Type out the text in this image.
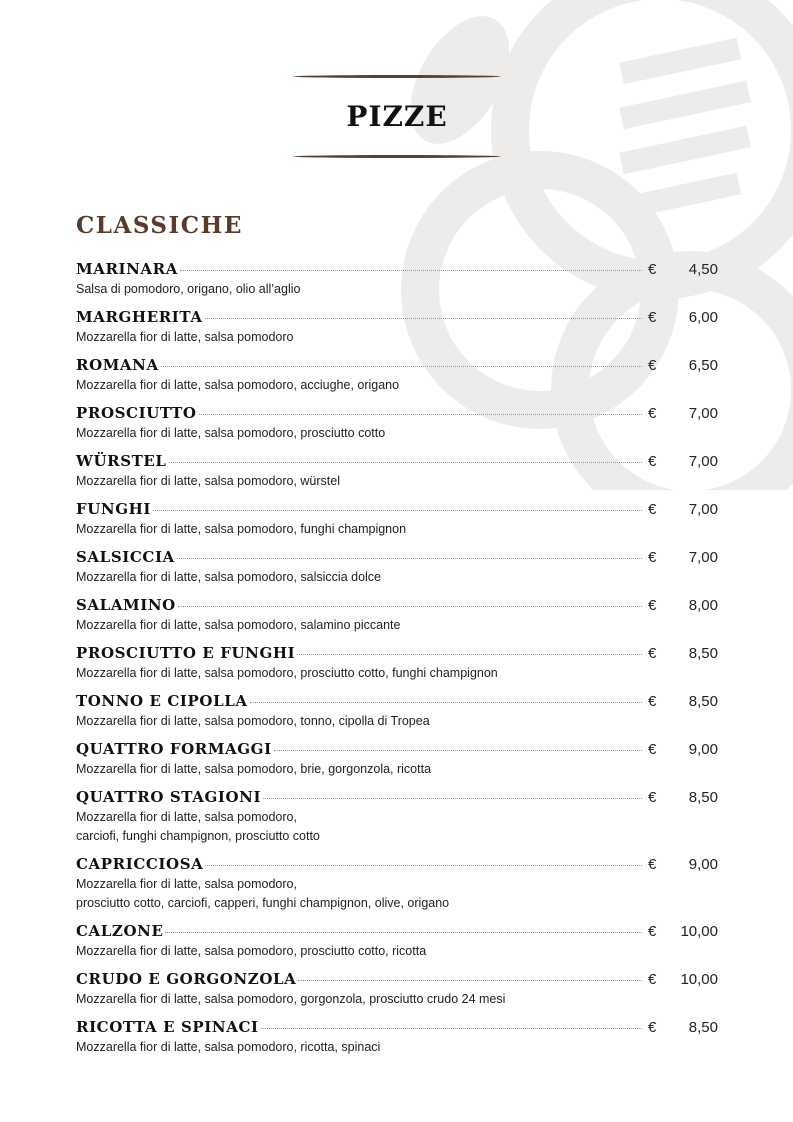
PIZZE
CLASSICHE
MARINARA	€	4,50
Salsa di pomodoro, origano, olio all’aglio
MARGHERITA	€	6,00
Mozzarella fior di latte, salsa pomodoro
ROMANA	€	6,50
Mozzarella fior di latte, salsa pomodoro, acciughe, origano
PROSCIUTTO	€	7,00
Mozzarella fior di latte, salsa pomodoro, prosciutto cotto
WÜRSTEL	€	7,00
Mozzarella fior di latte, salsa pomodoro, würstel
FUNGHI	€	7,00
Mozzarella fior di latte, salsa pomodoro, funghi champignon
SALSICCIA	€	7,00
Mozzarella fior di latte, salsa pomodoro, salsiccia dolce
SALAMINO	€	8,00
Mozzarella fior di latte, salsa pomodoro, salamino piccante
PROSCIUTTO E FUNGHI	€	8,50
Mozzarella fior di latte, salsa pomodoro, prosciutto cotto, funghi champignon
TONNO E CIPOLLA	€	8,50
Mozzarella fior di latte, salsa pomodoro, tonno, cipolla di Tropea
QUATTRO FORMAGGI	€	9,00
Mozzarella fior di latte, salsa pomodoro, brie, gorgonzola, ricotta
QUATTRO STAGIONI	€	8,50
Mozzarella fior di latte, salsa pomodoro,
carciofi, funghi champignon, prosciutto cotto
CAPRICCIOSA	€	9,00
Mozzarella fior di latte, salsa pomodoro,
prosciutto cotto, carciofi, capperi, funghi champignon, olive, origano
CALZONE	€	10,00
Mozzarella fior di latte, salsa pomodoro, prosciutto cotto, ricotta
CRUDO E GORGONZOLA	€	10,00
Mozzarella fior di latte, salsa pomodoro, gorgonzola, prosciutto crudo 24 mesi
RICOTTA E SPINACI	€	8,50
Mozzarella fior di latte, salsa pomodoro, ricotta, spinaci
